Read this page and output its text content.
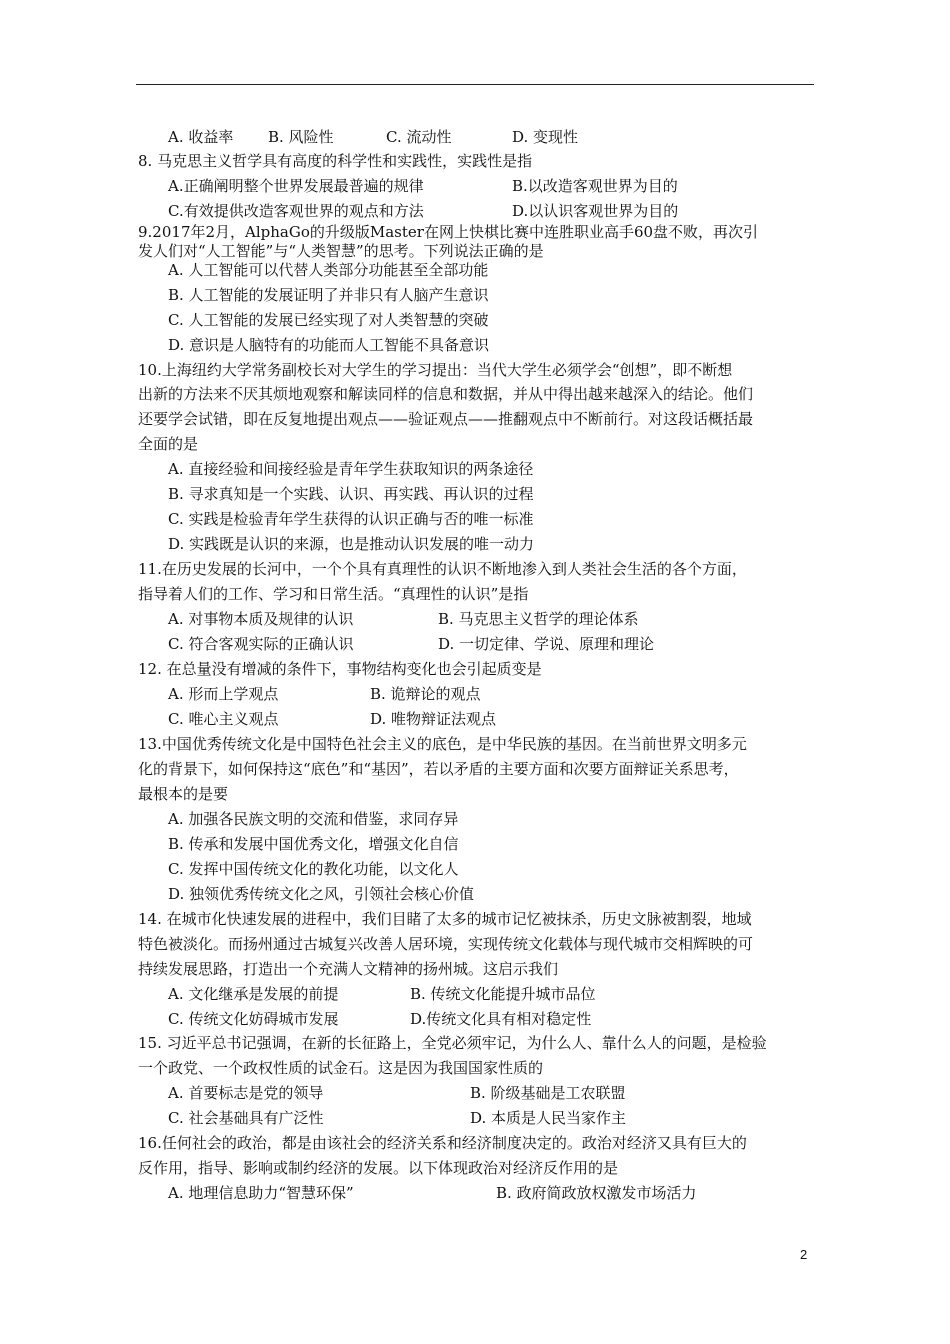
A. 收益率 B. 风险性	C. 流动性	D. 变现性
8. 马克思主义哲学具有高度的科学性和实践性，实践性是指
A.正确阐明整个世界发展最普遍的规律	B.以改造客观世界为目的
C.有效提供改造客观世界的观点和方法	D.以认识客观世界为目的
9.2017年2月，AlphaGo的升级版Master在网上快棋比赛中连胜职业高手60盘不败，再次引
发人们对“人工智能”与“人类智慧”的思考。下列说法正确的是
A. 人工智能可以代替人类部分功能甚至全部功能
B. 人工智能的发展证明了并非只有人脑产生意识
C. 人工智能的发展已经实现了对人类智慧的突破
D. 意识是人脑特有的功能而人工智能不具备意识
10.上海纽约大学常务副校长对大学生的学习提出：当代大学生必须学会“创想”，即不断想
出新的方法来不厌其烦地观察和解读同样的信息和数据，并从中得出越来越深入的结论。他们
还要学会试错，即在反复地提出观点——验证观点——推翻观点中不断前行。对这段话概括最
全面的是
A. 直接经验和间接经验是青年学生获取知识的两条途径
B. 寻求真知是一个实践、认识、再实践、再认识的过程
C. 实践是检验青年学生获得的认识正确与否的唯一标准
D. 实践既是认识的来源，也是推动认识发展的唯一动力
11.在历史发展的长河中，一个个具有真理性的认识不断地渗入到人类社会生活的各个方面，
指导着人们的工作、学习和日常生活。“真理性的认识”是指
A. 对事物本质及规律的认识	B. 马克思主义哲学的理论体系
C. 符合客观实际的正确认识	D. 一切定律、学说、原理和理论
12. 在总量没有增减的条件下，事物结构变化也会引起质变是
A. 形而上学观点	B. 诡辩论的观点
C. 唯心主义观点	D. 唯物辩证法观点
13.中国优秀传统文化是中国特色社会主义的底色，是中华民族的基因。在当前世界文明多元
化的背景下，如何保持这“底色”和“基因”，若以矛盾的主要方面和次要方面辩证关系思考，
最根本的是要
A. 加强各民族文明的交流和借鉴，求同存异
B. 传承和发展中国优秀文化，增强文化自信
C. 发挥中国传统文化的教化功能，以文化人
D. 独领优秀传统文化之风，引领社会核心价值
14. 在城市化快速发展的进程中，我们目睹了太多的城市记忆被抹杀，历史文脉被割裂，地域
特色被淡化。而扬州通过古城复兴改善人居环境，实现传统文化载体与现代城市交相辉映的可
持续发展思路，打造出一个充满人文精神的扬州城。这启示我们
A. 文化继承是发展的前提	B. 传统文化能提升城市品位
C. 传统文化妨碍城市发展	D.传统文化具有相对稳定性
15. 习近平总书记强调，在新的长征路上，全党必须牢记，为什么人、靠什么人的问题，是检验
一个政党、一个政权性质的试金石。这是因为我国国家性质的
A. 首要标志是党的领导	B. 阶级基础是工农联盟
C. 社会基础具有广泛性	D. 本质是人民当家作主
16.任何社会的政治，都是由该社会的经济关系和经济制度决定的。政治对经济又具有巨大的
反作用，指导、影响或制约经济的发展。以下体现政治对经济反作用的是
A. 地理信息助力“智慧环保”	B. 政府简政放权激发市场活力
2
